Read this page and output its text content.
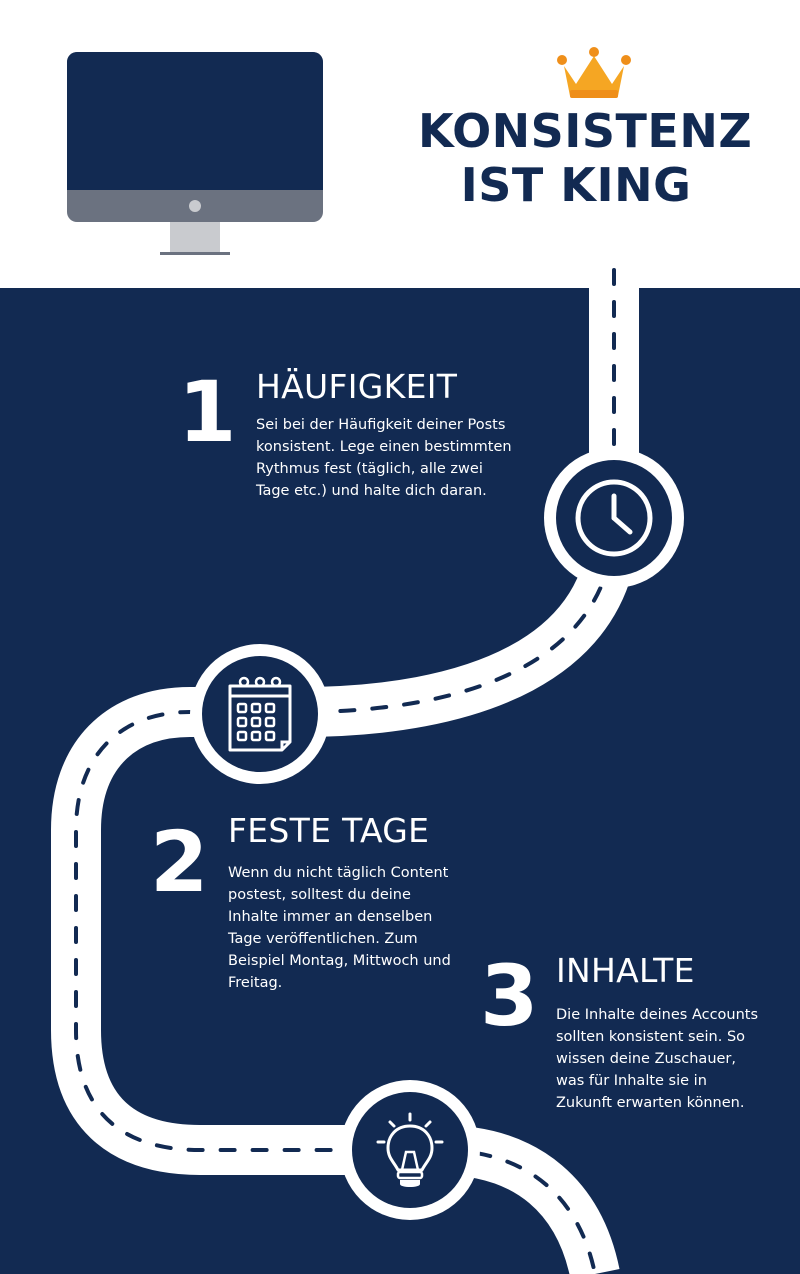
KONSISTENZ
IST KING
1 HÄUFIGKEIT
Sei bei der Häufigkeit deiner Posts konsistent. Lege einen bestimmten Rythmus fest (täglich, alle zwei Tage etc.) und halte dich daran.
2 FESTE TAGE
Wenn du nicht täglich Content postest, solltest du deine Inhalte immer an denselben Tage veröffentlichen. Zum Beispiel Montag, Mittwoch und Freitag.	3 INHALTE
Die Inhalte deines Accounts sollten konsistent sein. So wissen deine Zuschauer, was für Inhalte sie in Zukunft erwarten können.
